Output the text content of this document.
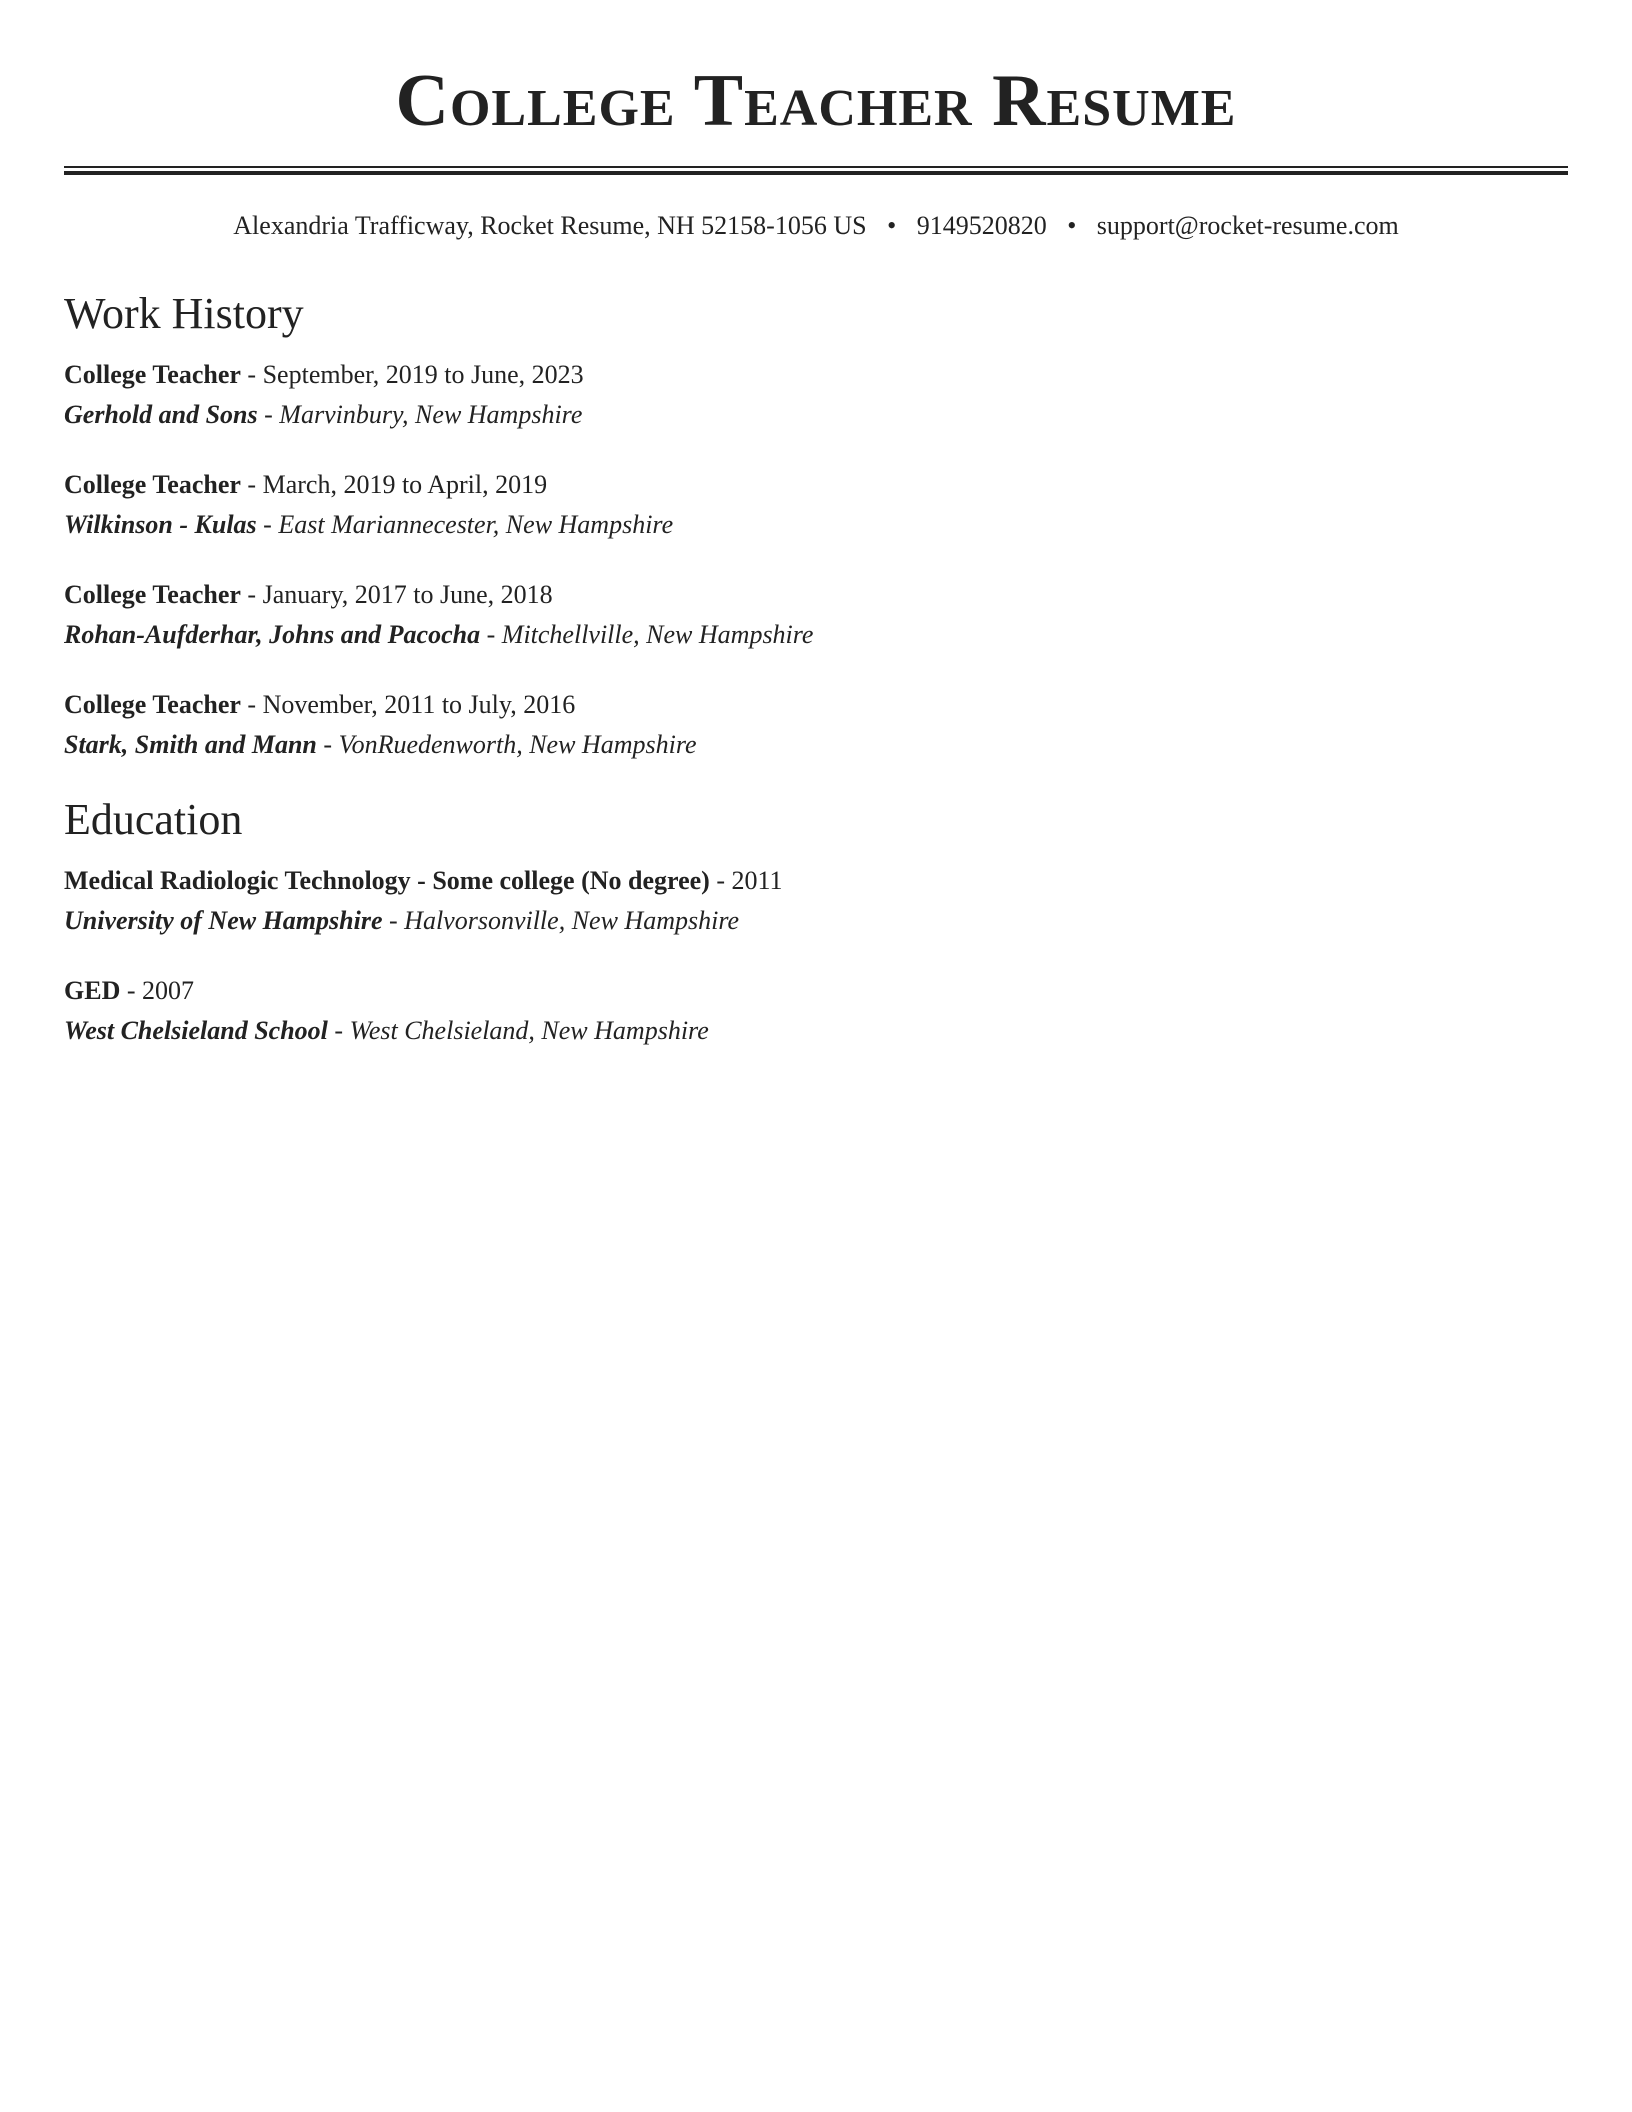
College Teacher Resume
Alexandria Trafficway, Rocket Resume, NH 52158-1056 US • 9149520820 • support@rocket-resume.com
Work History
College Teacher - September, 2019 to June, 2023
Gerhold and Sons - Marvinbury, New Hampshire
College Teacher - March, 2019 to April, 2019
Wilkinson - Kulas - East Mariannecester, New Hampshire
College Teacher - January, 2017 to June, 2018
Rohan-Aufderhar, Johns and Pacocha - Mitchellville, New Hampshire
College Teacher - November, 2011 to July, 2016
Stark, Smith and Mann - VonRuedenworth, New Hampshire
Education
Medical Radiologic Technology - Some college (No degree) - 2011
University of New Hampshire - Halvorsonville, New Hampshire
GED - 2007
West Chelsieland School - West Chelsieland, New Hampshire
